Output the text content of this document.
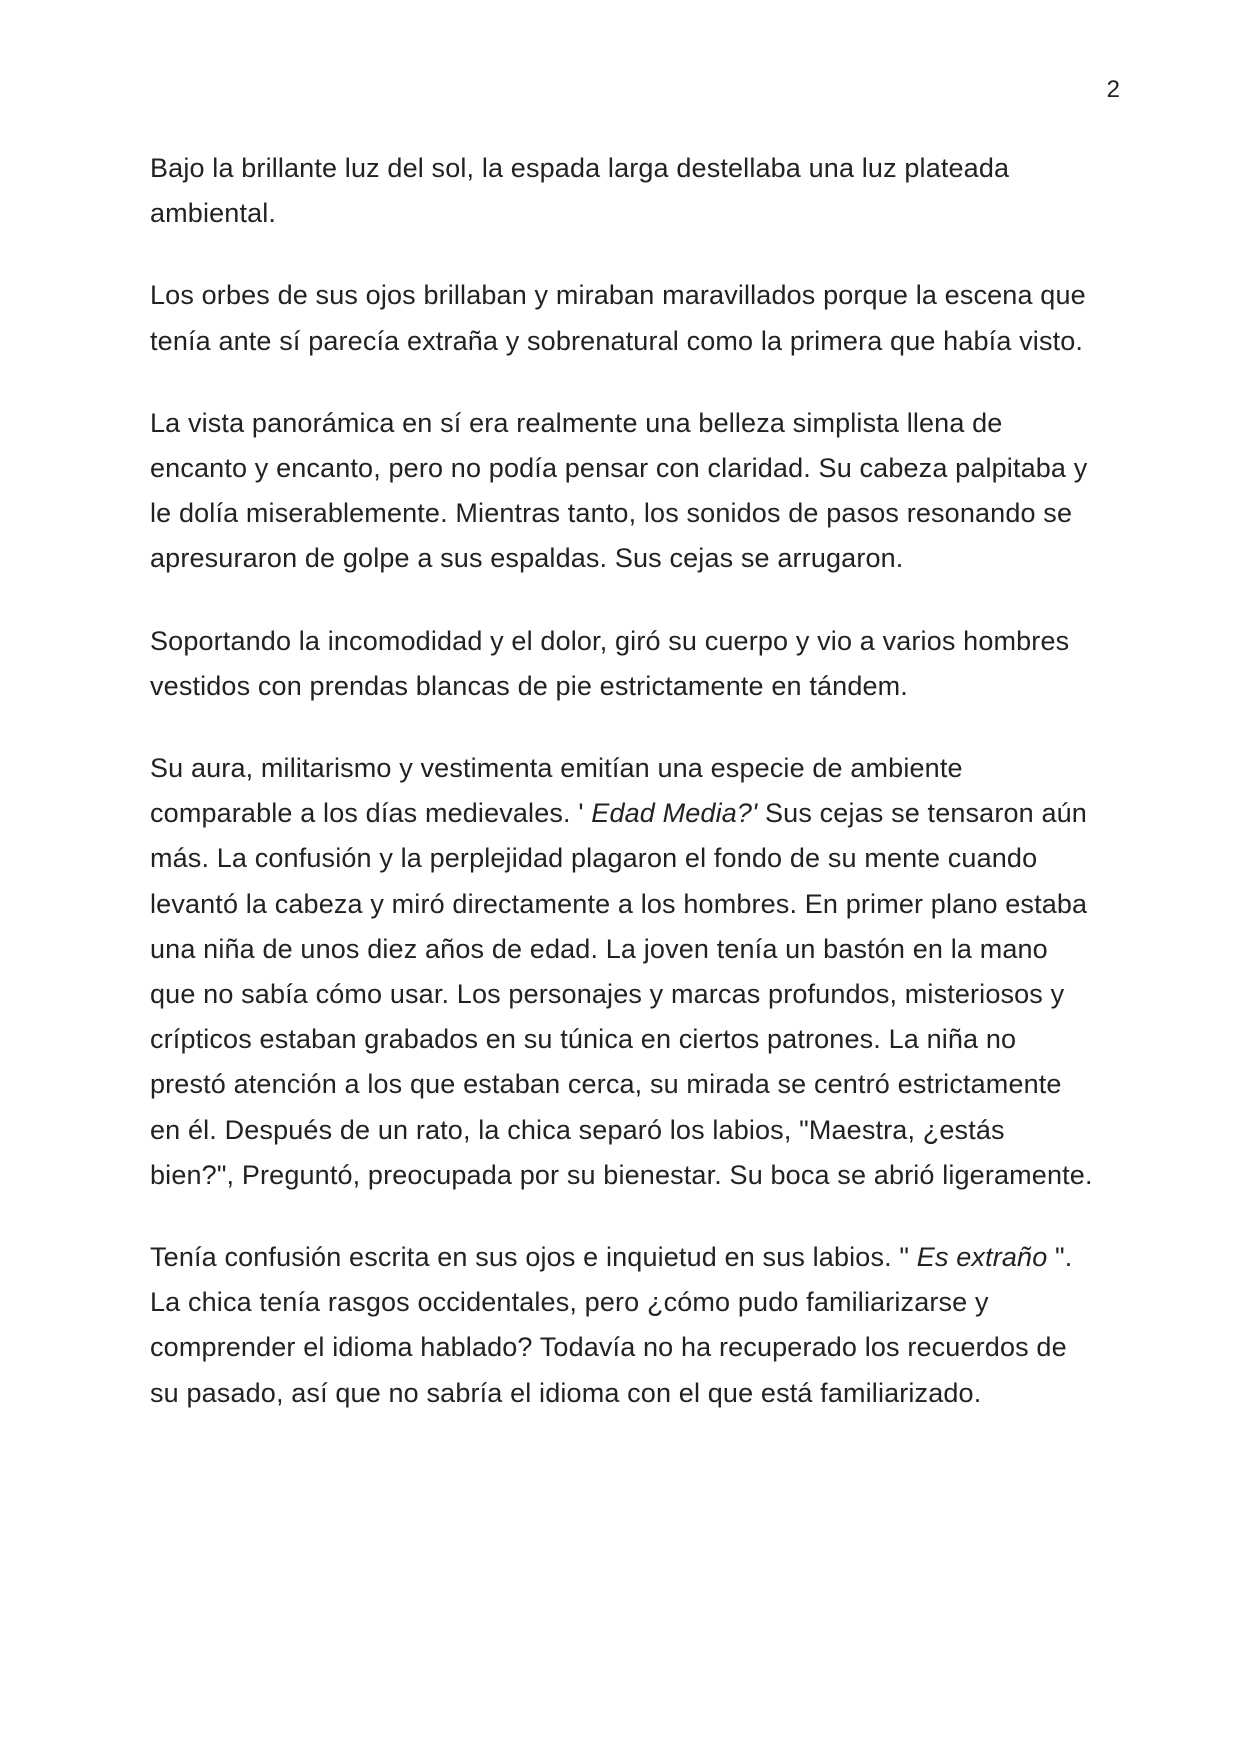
2

Bajo la brillante luz del sol, la espada larga destellaba una luz plateada ambiental.

Los orbes de sus ojos brillaban y miraban maravillados porque la escena que tenía ante sí parecía extraña y sobrenatural como la primera que había visto.

La vista panorámica en sí era realmente una belleza simplista llena de encanto y encanto, pero no podía pensar con claridad. Su cabeza palpitaba y le dolía miserablemente. Mientras tanto, los sonidos de pasos resonando se apresuraron de golpe a sus espaldas. Sus cejas se arrugaron.

Soportando la incomodidad y el dolor, giró su cuerpo y vio a varios hombres vestidos con prendas blancas de pie estrictamente en tándem.

Su aura, militarismo y vestimenta emitían una especie de ambiente comparable a los días medievales. ' Edad Media?' Sus cejas se tensaron aún más. La confusión y la perplejidad plagaron el fondo de su mente cuando levantó la cabeza y miró directamente a los hombres. En primer plano estaba una niña de unos diez años de edad. La joven tenía un bastón en la mano que no sabía cómo usar. Los personajes y marcas profundos, misteriosos y crípticos estaban grabados en su túnica en ciertos patrones. La niña no prestó atención a los que estaban cerca, su mirada se centró estrictamente en él. Después de un rato, la chica separó los labios, "Maestra, ¿estás bien?", Preguntó, preocupada por su bienestar. Su boca se abrió ligeramente.

Tenía confusión escrita en sus ojos e inquietud en sus labios. " Es extraño ". La chica tenía rasgos occidentales, pero ¿cómo pudo familiarizarse y comprender el idioma hablado? Todavía no ha recuperado los recuerdos de su pasado, así que no sabría el idioma con el que está familiarizado.
